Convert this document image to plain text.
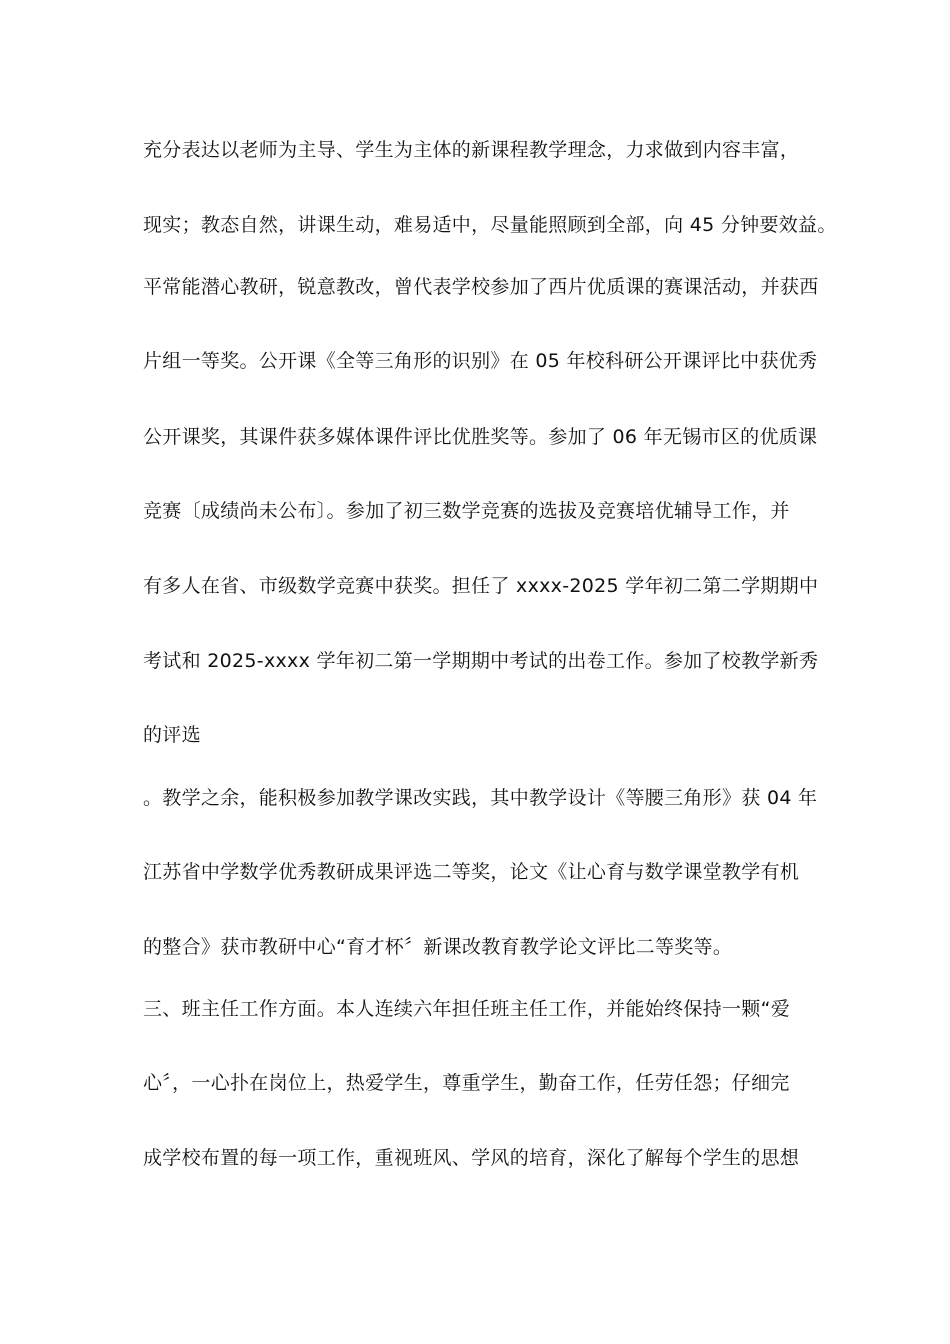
充分表达以老师为主导、学生为主体的新课程教学理念，力求做到内容丰富，
现实；教态自然，讲课生动，难易适中，尽量能照顾到全部，向 45 分钟要效益。
平常能潜心教研，锐意教改，曾代表学校参加了西片优质课的赛课活动，并获西
片组一等奖。公开课《全等三角形的识别》在 05 年校科研公开课评比中获优秀
公开课奖，其课件获多媒体课件评比优胜奖等。参加了 06 年无锡市区的优质课
竞赛〔成绩尚未公布〕。参加了初三数学竞赛的选拔及竞赛培优辅导工作，并
有多人在省、市级数学竞赛中获奖。担任了 xxxx-2025 学年初二第二学期期中
考试和 2025-xxxx 学年初二第一学期期中考试的出卷工作。参加了校教学新秀
的评选
。教学之余，能积极参加教学课改实践，其中教学设计《等腰三角形》获 04 年
江苏省中学数学优秀教研成果评选二等奖，论文《让心育与数学课堂教学有机
的整合》获市教研中心“育才杯〞新课改教育教学论文评比二等奖等。
三、班主任工作方面。本人连续六年担任班主任工作，并能始终保持一颗“爱
心〞，一心扑在岗位上，热爱学生，尊重学生，勤奋工作，任劳任怨；仔细完
成学校布置的每一项工作，重视班风、学风的培育，深化了解每个学生的思想
